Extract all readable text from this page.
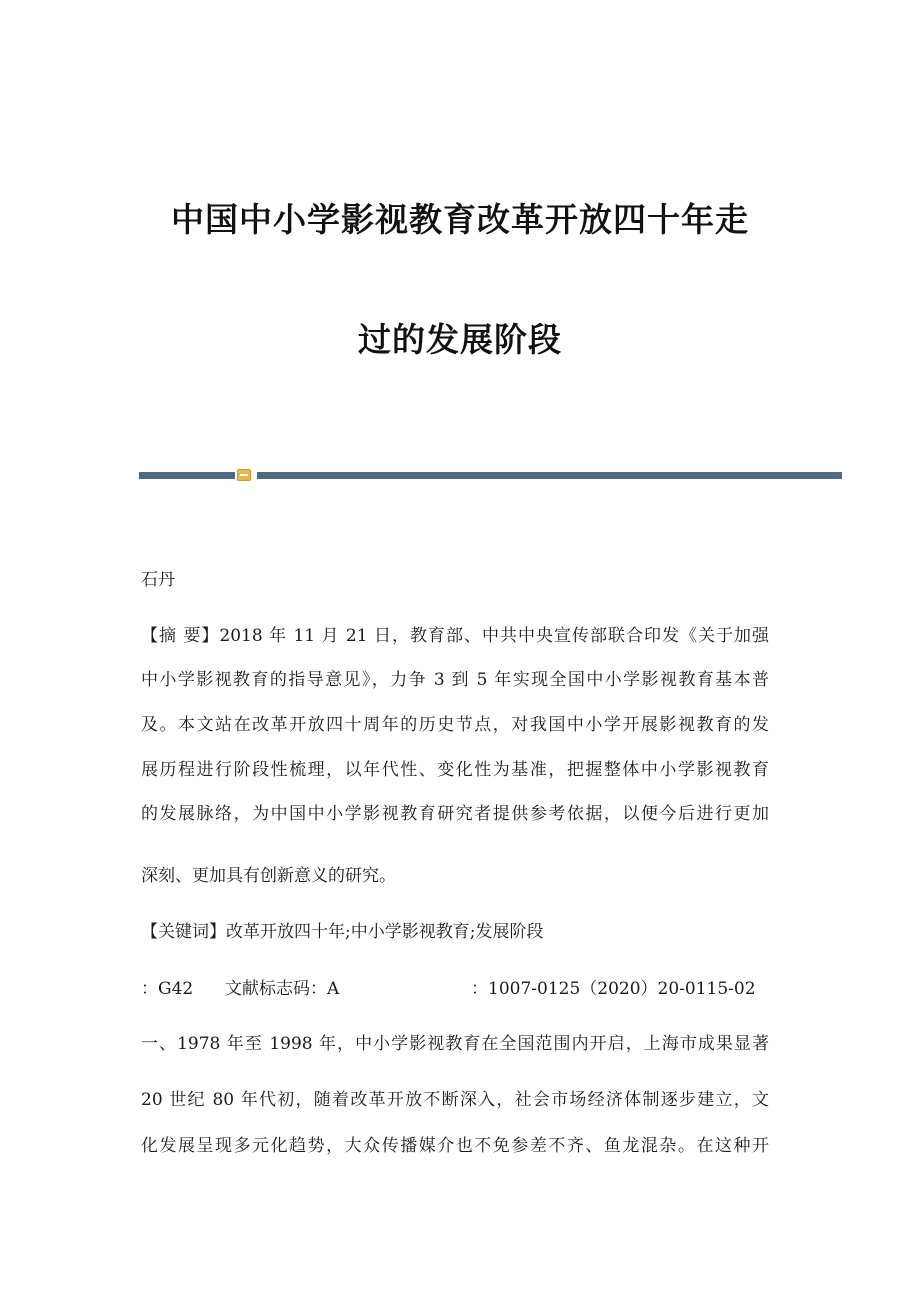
中国中小学影视教育改革开放四十年走
过的发展阶段
石丹
【摘 要】2018 年 11 月 21 日，教育部、中共中央宣传部联合印发《关于加强
中小学影视教育的指导意见》，力争 3 到 5 年实现全国中小学影视教育基本普
及。本文站在改革开放四十周年的历史节点，对我国中小学开展影视教育的发
展历程进行阶段性梳理，以年代性、变化性为基准，把握整体中小学影视教育
的发展脉络，为中国中小学影视教育研究者提供参考依据，以便今后进行更加
深刻、更加具有创新意义的研究。
【关键词】改革开放四十年;中小学影视教育;发展阶段
：G42 文献标志码：A	：1007-0125（2020）20-0115-02
一、1978 年至 1998 年，中小学影视教育在全国范围内开启，上海市成果显著
20 世纪 80 年代初，随着改革开放不断深入，社会市场经济体制逐步建立，文
化发展呈现多元化趋势，大众传播媒介也不免参差不齐、鱼龙混杂。在这种开
